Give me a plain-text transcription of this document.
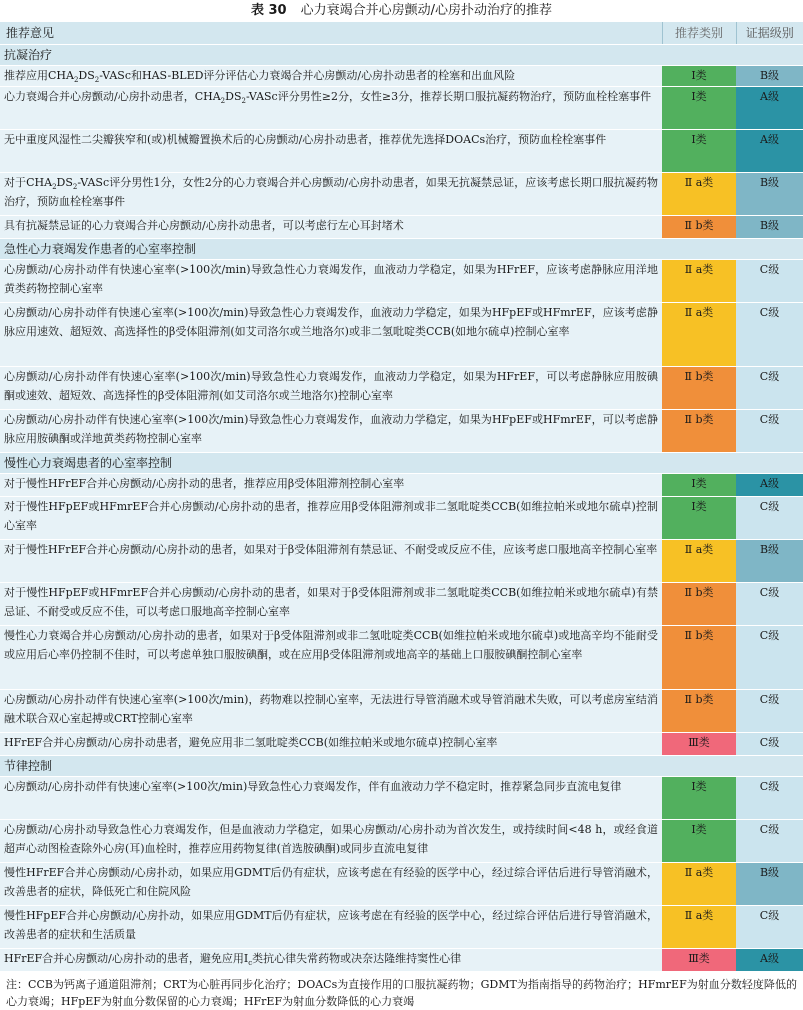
表 30 心力衰竭合并心房颤动/心房扑动治疗的推荐
推荐意见	推荐类别	证据级别
抗凝治疗		
推荐应用$CHA_2DS_2$-VASc和HAS-BLED评分评估心力衰竭合并心房颤动/心房扑动患者的栓塞和出血风险	Ⅰ类	B级
心力衰竭合并心房颤动/心房扑动患者，$CHA_2DS_2$-VASc评分男性≥2分，女性≥3分，推荐长期口服抗凝药物治疗，预防血栓栓塞事件	Ⅰ类	A级
无中重度风湿性二尖瓣狭窄和(或)机械瓣置换术后的心房颤动/心房扑动患者，推荐优先选择DOACs治疗，预防血栓栓塞事件	Ⅰ类	A级
对于$CHA_2DS_2$-VASc评分男性1分，女性2分的心力衰竭合并心房颤动/心房扑动患者，如果无抗凝禁忌证，应该考虑长期口服抗凝药物治疗，预防血栓栓塞事件	Ⅱ a类	B级
具有抗凝禁忌证的心力衰竭合并心房颤动/心房扑动患者，可以考虑行左心耳封堵术	Ⅱ b类	B级
急性心力衰竭发作患者的心室率控制		
心房颤动/心房扑动伴有快速心室率(>100次/min)导致急性心力衰竭发作，血液动力学稳定，如果为HFrEF，应该考虑静脉应用洋地黄类药物控制心室率	Ⅱ a类	C级
心房颤动/心房扑动伴有快速心室率(>100次/min)导致急性心力衰竭发作，血液动力学稳定，如果为HFpEF或HFmrEF，应该考虑静脉应用速效、超短效、高选择性的β受体阻滞剂(如艾司洛尔或兰地洛尔)或非二氢吡啶类CCB(如地尔硫卓)控制心室率	Ⅱ a类	C级
心房颤动/心房扑动伴有快速心室率(>100次/min)导致急性心力衰竭发作，血液动力学稳定，如果为HFrEF，可以考虑静脉应用胺碘酮或速效、超短效、高选择性的β受体阻滞剂(如艾司洛尔或兰地洛尔)控制心室率	Ⅱ b类	C级
心房颤动/心房扑动伴有快速心室率(>100次/min)导致急性心力衰竭发作，血液动力学稳定，如果为HFpEF或HFmrEF，可以考虑静脉应用胺碘酮或洋地黄类药物控制心室率	Ⅱ b类	C级
慢性心力衰竭患者的心室率控制		
对于慢性HFrEF合并心房颤动/心房扑动的患者，推荐应用β受体阻滞剂控制心室率	Ⅰ类	A级
对于慢性HFpEF或HFmrEF合并心房颤动/心房扑动的患者，推荐应用β受体阻滞剂或非二氢吡啶类CCB(如维拉帕米或地尔硫卓)控制心室率	Ⅰ类	C级
对于慢性HFrEF合并心房颤动/心房扑动的患者，如果对于β受体阻滞剂有禁忌证、不耐受或反应不佳，应该考虑口服地高辛控制心室率	Ⅱ a类	B级
对于慢性HFpEF或HFmrEF合并心房颤动/心房扑动的患者，如果对于β受体阻滞剂或非二氢吡啶类CCB(如维拉帕米或地尔硫卓)有禁忌证、不耐受或反应不佳，可以考虑口服地高辛控制心室率	Ⅱ b类	C级
慢性心力衰竭合并心房颤动/心房扑动的患者，如果对于β受体阻滞剂或非二氢吡啶类CCB(如维拉帕米或地尔硫卓)或地高辛均不能耐受或应用后心率仍控制不佳时，可以考虑单独口服胺碘酮，或在应用β受体阻滞剂或地高辛的基础上口服胺碘酮控制心室率	Ⅱ b类	C级
心房颤动/心房扑动伴有快速心室率(>100次/min)，药物难以控制心室率，无法进行导管消融术或导管消融术失败，可以考虑房室结消融术联合双心室起搏或CRT控制心室率	Ⅱ b类	C级
HFrEF合并心房颤动/心房扑动患者，避免应用非二氢吡啶类CCB(如维拉帕米或地尔硫卓)控制心室率	Ⅲ类	C级
节律控制		
心房颤动/心房扑动伴有快速心室率(>100次/min)导致急性心力衰竭发作，伴有血液动力学不稳定时，推荐紧急同步直流电复律	Ⅰ类	C级
心房颤动/心房扑动导致急性心力衰竭发作，但是血液动力学稳定，如果心房颤动/心房扑动为首次发生，或持续时间<48 h，或经食道超声心动图检查除外心房(耳)血栓时，推荐应用药物复律(首选胺碘酮)或同步直流电复律	Ⅰ类	C级
慢性HFrEF合并心房颤动/心房扑动，如果应用GDMT后仍有症状，应该考虑在有经验的医学中心，经过综合评估后进行导管消融术，改善患者的症状，降低死亡和住院风险	Ⅱ a类	B级
慢性HFpEF合并心房颤动/心房扑动，如果应用GDMT后仍有症状，应该考虑在有经验的医学中心，经过综合评估后进行导管消融术，改善患者的症状和生活质量	Ⅱ a类	C级
HFrEF合并心房颤动/心房扑动的患者，避免应用$I_c$类抗心律失常药物或决奈达隆维持窦性心律	Ⅲ类	A级
注：CCB为钙离子通道阻滞剂；CRT为心脏再同步化治疗；DOACs为直接作用的口服抗凝药物；GDMT为指南指导的药物治疗；HFmrEF为射血分数轻度降低的心力衰竭；HFpEF为射血分数保留的心力衰竭；HFrEF为射血分数降低的心力衰竭
